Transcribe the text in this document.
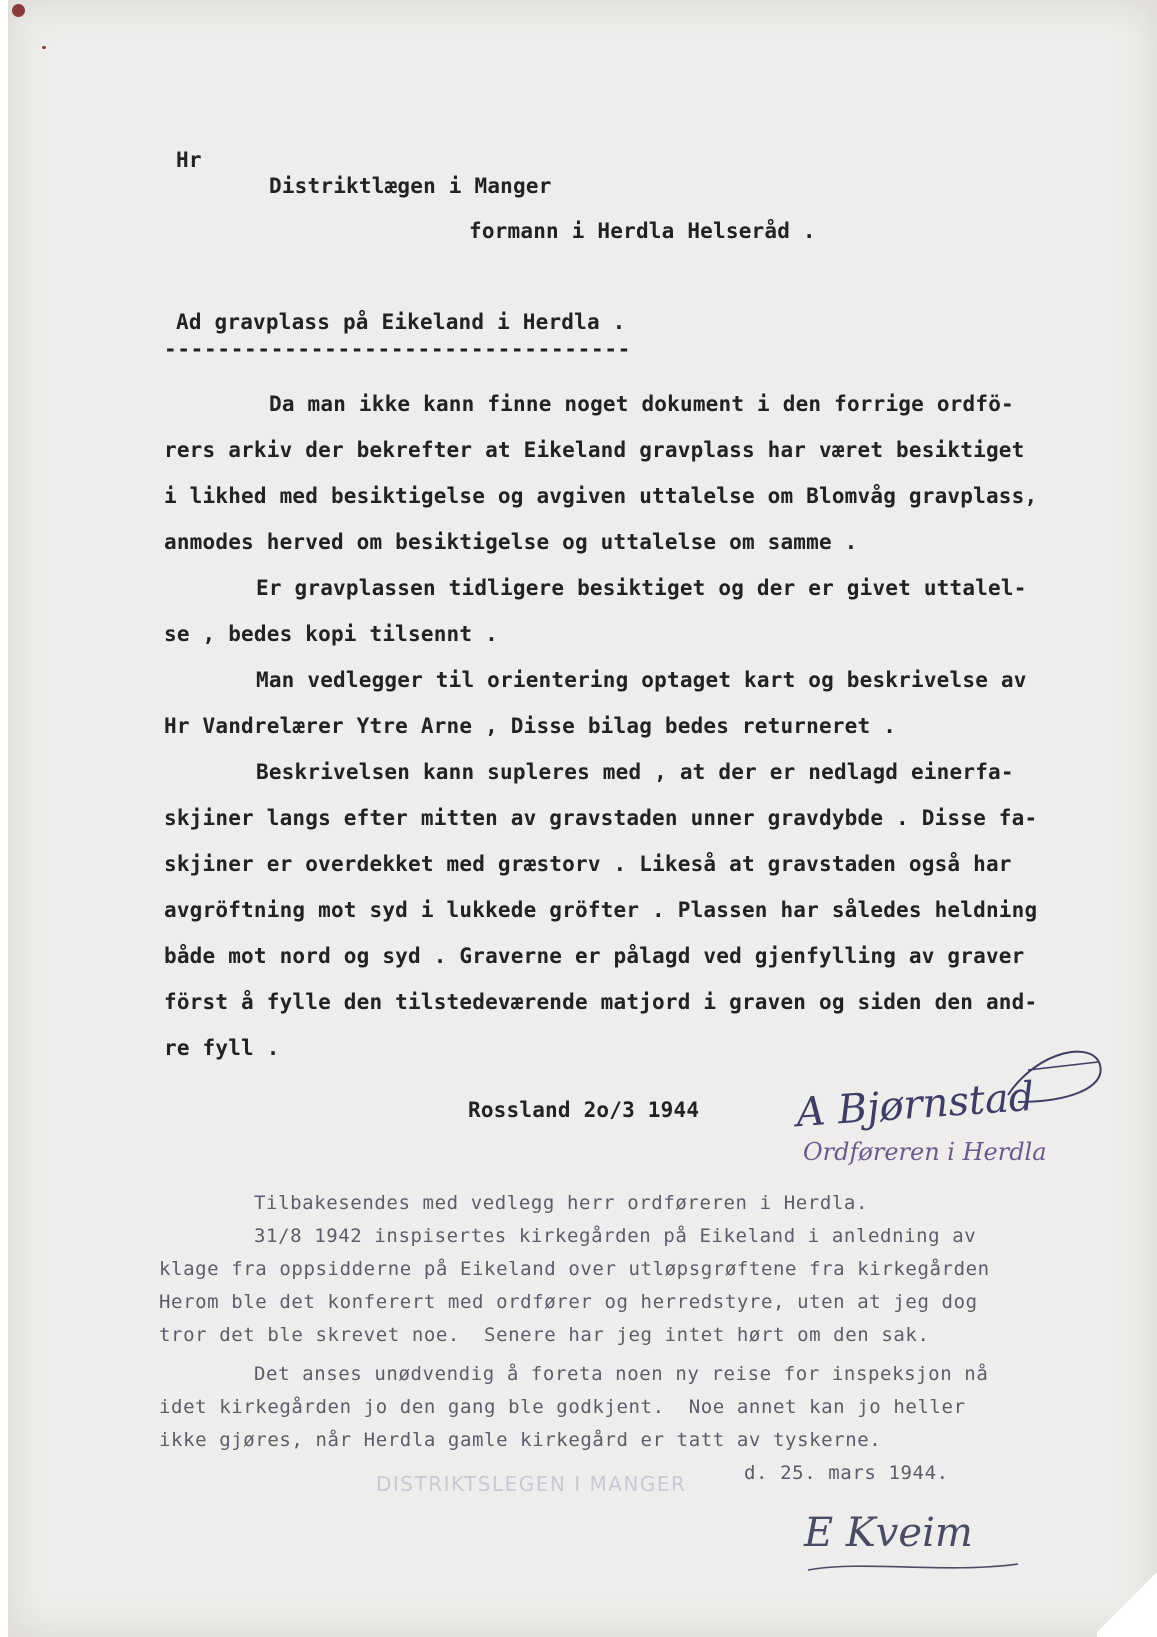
Hr
Distriktlægen i Manger
formann i Herdla Helseråd .
Ad gravplass på Eikeland i Herdla .
-----------------------------------
Da man ikke kann finne noget dokument i den forrige ordfö-
rers arkiv der bekrefter at Eikeland gravplass har været besiktiget
i likhed med besiktigelse og avgiven uttalelse om Blomvåg gravplass,
anmodes herved om besiktigelse og uttalelse om samme .
Er gravplassen tidligere besiktiget og der er givet uttalel-
se , bedes kopi tilsennt .
Man vedlegger til orientering optaget kart og beskrivelse av
Hr Vandrelærer Ytre Arne , Disse bilag bedes returneret .
Beskrivelsen kann supleres med , at der er nedlagd einerfa-
skjiner langs efter mitten av gravstaden unner gravdybde . Disse fa-
skjiner er overdekket med græstorv . Likeså at gravstaden også har
avgröftning mot syd i lukkede gröfter . Plassen har således heldning
både mot nord og syd . Graverne er pålagd ved gjenfylling av graver
först å fylle den tilstedeværende matjord i graven og siden den and-
re fyll .
Rossland 2o/3 1944 A Bjørnstad
Ordføreren i Herdla
Tilbakesendes med vedlegg herr ordføreren i Herdla.
31/8 1942 inspisertes kirkegården på Eikeland i anledning av
klage fra oppsidderne på Eikeland over utløpsgrøftene fra kirkegården
Herom ble det konferert med ordfører og herredstyre, uten at jeg dog
tror det ble skrevet noe.  Senere har jeg intet hørt om den sak.
Det anses unødvendig å foreta noen ny reise for inspeksjon nå
idet kirkegården jo den gang ble godkjent.  Noe annet kan jo heller
ikke gjøres, når Herdla gamle kirkegård er tatt av tyskerne.
d. 25. mars 1944.
DISTRIKTSLEGEN I MANGER
E Kveim
